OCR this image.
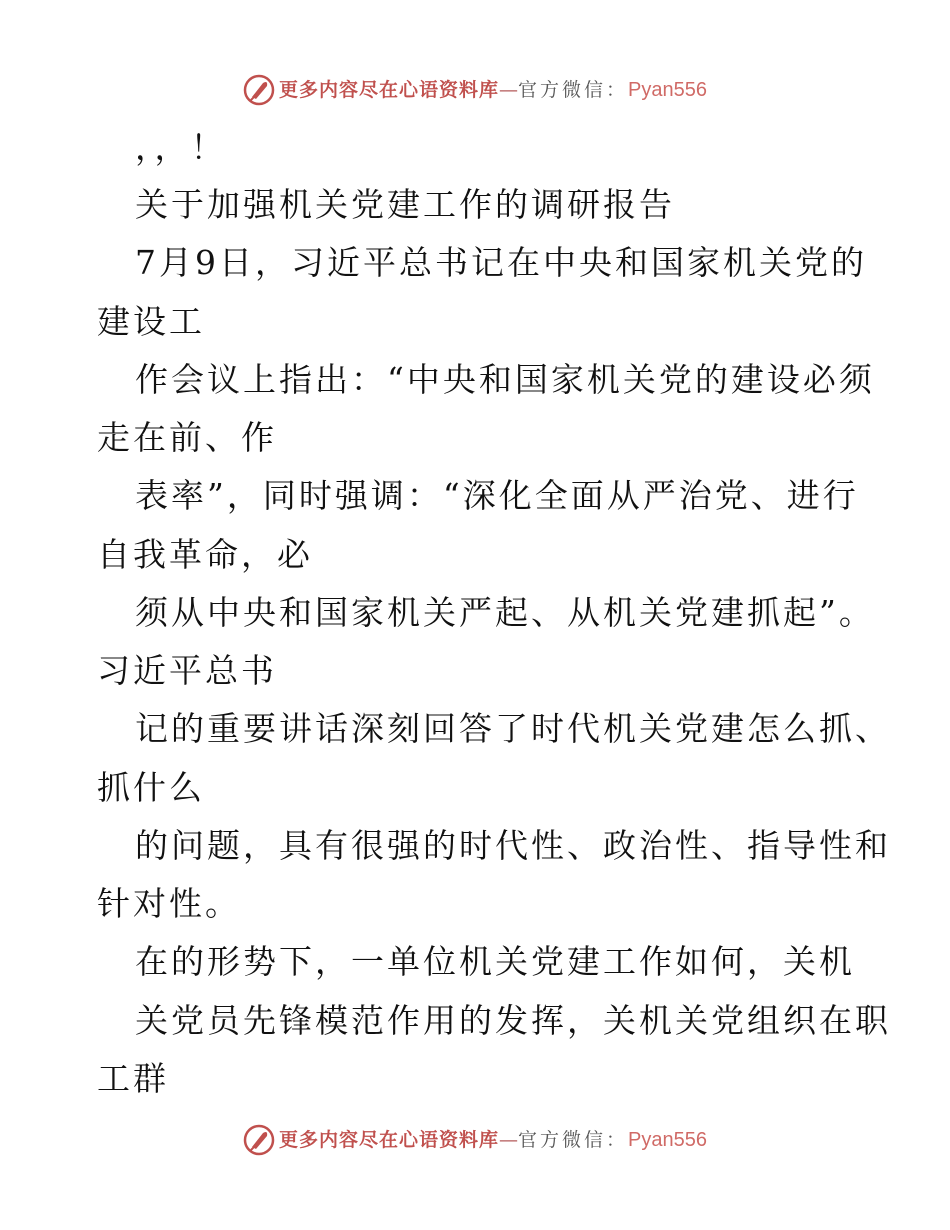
更多内容尽在心语资料库 — 官方微信： Pyan556
，，！
关于加强机关党建工作的调研报告
7月9日，习近平总书记在中央和国家机关党的
建设工
作会议上指出：“中央和国家机关党的建设必须
走在前、作
表率”，同时强调：“深化全面从严治党、进行
自我革命，必
须从中央和国家机关严起、从机关党建抓起”。
习近平总书
记的重要讲话深刻回答了时代机关党建怎么抓、
抓什么
的问题，具有很强的时代性、政治性、指导性和
针对性。
在的形势下，一单位机关党建工作如何，关机
关党员先锋模范作用的发挥，关机关党组织在职
工群
更多内容尽在心语资料库 — 官方微信： Pyan556
